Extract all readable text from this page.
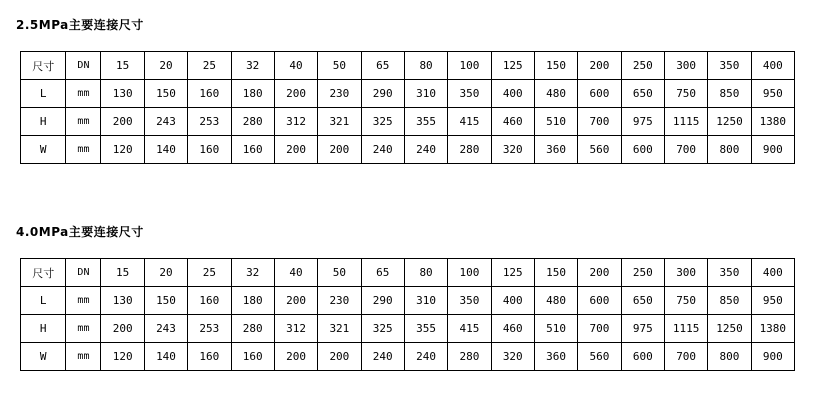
2.5MPa主要连接尺寸
尺寸	DN	15	20	25	32	40	50	65	80	100	125	150	200	250	300	350	400
L	mm	130	150	160	180	200	230	290	310	350	400	480	600	650	750	850	950
H	mm	200	243	253	280	312	321	325	355	415	460	510	700	975	1115	1250	1380
W	mm	120	140	160	160	200	200	240	240	280	320	360	560	600	700	800	900
4.0MPa主要连接尺寸
尺寸	DN	15	20	25	32	40	50	65	80	100	125	150	200	250	300	350	400
L	mm	130	150	160	180	200	230	290	310	350	400	480	600	650	750	850	950
H	mm	200	243	253	280	312	321	325	355	415	460	510	700	975	1115	1250	1380
W	mm	120	140	160	160	200	200	240	240	280	320	360	560	600	700	800	900
